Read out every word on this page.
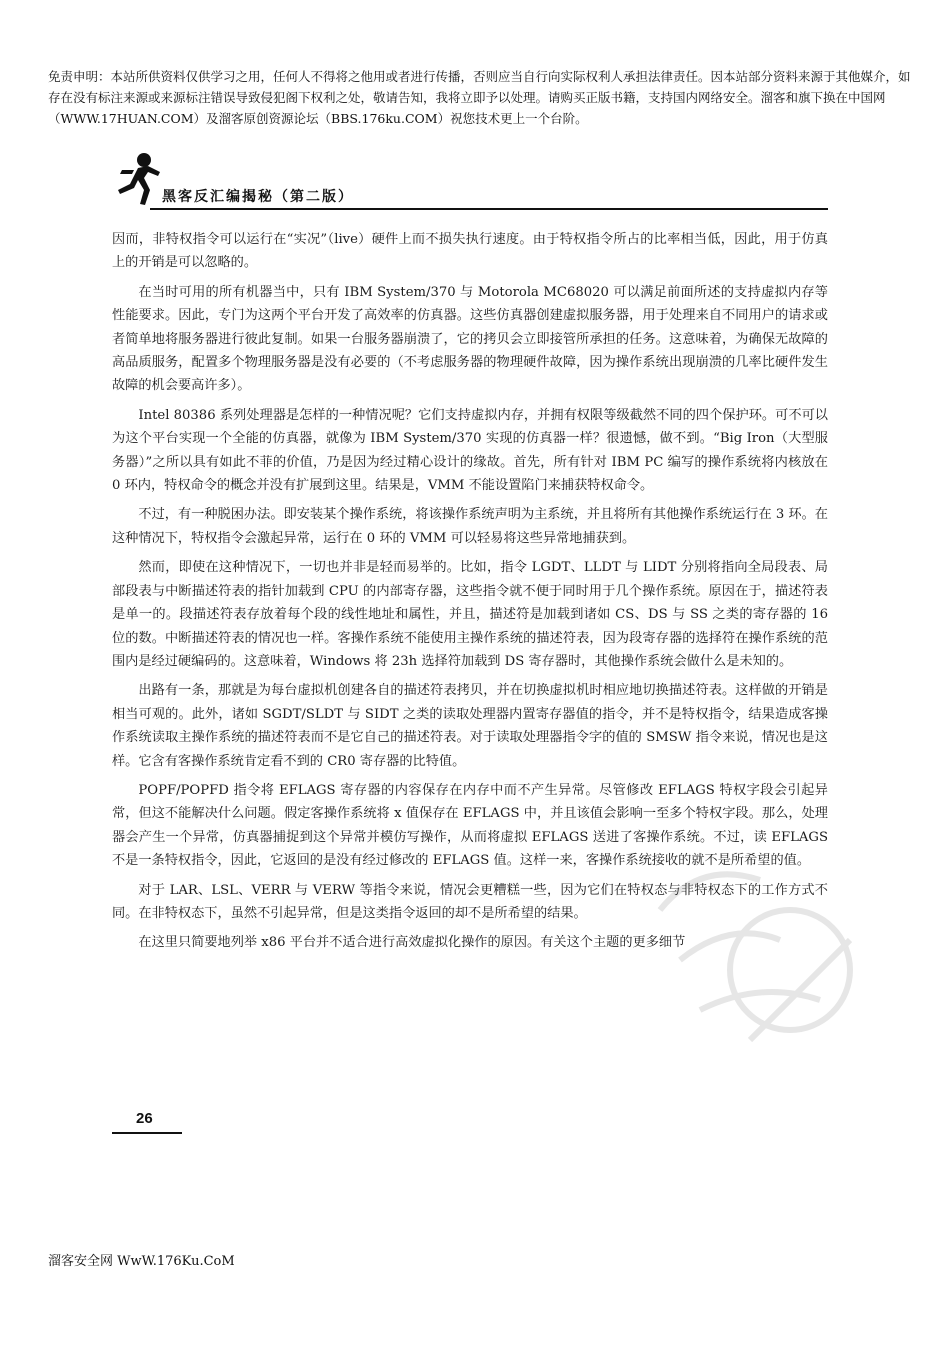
免责申明：本站所供资料仅供学习之用，任何人不得将之他用或者进行传播，否则应当自行向实际权利人承担法律责任。因本站部分资料来源于其他媒介，如存在没有标注来源或来源标注错误导致侵犯阁下权利之处，敬请告知，我将立即予以处理。请购买正版书籍，支持国内网络安全。溜客和旗下换在中国网（WWW.17HUAN.COM）及溜客原创资源论坛（BBS.176ku.COM）祝您技术更上一个台阶。
黑客反汇编揭秘（第二版）

因而，非特权指令可以运行在“实况”（live）硬件上而不损失执行速度。由于特权指令所占的比率相当低，因此，用于仿真上的开销是可以忽略的。

在当时可用的所有机器当中，只有 IBM System/370 与 Motorola MC68020 可以满足前面所述的支持虚拟内存等性能要求。因此，专门为这两个平台开发了高效率的仿真器。这些仿真器创建虚拟服务器，用于处理来自不同用户的请求或者简单地将服务器进行彼此复制。如果一台服务器崩溃了，它的拷贝会立即接管所承担的任务。这意味着，为确保无故障的高品质服务，配置多个物理服务器是没有必要的（不考虑服务器的物理硬件故障，因为操作系统出现崩溃的几率比硬件发生故障的机会要高许多）。

Intel 80386 系列处理器是怎样的一种情况呢？它们支持虚拟内存，并拥有权限等级截然不同的四个保护环。可不可以为这个平台实现一个全能的仿真器，就像为 IBM System/370 实现的仿真器一样？很遗憾，做不到。“Big Iron（大型服务器）”之所以具有如此不菲的价值，乃是因为经过精心设计的缘故。首先，所有针对 IBM PC 编写的操作系统将内核放在 0 环内，特权命令的概念并没有扩展到这里。结果是，VMM 不能设置陷门来捕获特权命令。

不过，有一种脱困办法。即安装某个操作系统，将该操作系统声明为主系统，并且将所有其他操作系统运行在 3 环。在这种情况下，特权指令会激起异常，运行在 0 环的 VMM 可以轻易将这些异常地捕获到。

然而，即使在这种情况下，一切也并非是轻而易举的。比如，指令 LGDT、LLDT 与 LIDT 分别将指向全局段表、局部段表与中断描述符表的指针加载到 CPU 的内部寄存器，这些指令就不便于同时用于几个操作系统。原因在于，描述符表是单一的。段描述符表存放着每个段的线性地址和属性，并且，描述符是加载到诸如 CS、DS 与 SS 之类的寄存器的 16 位的数。中断描述符表的情况也一样。客操作系统不能使用主操作系统的描述符表，因为段寄存器的选择符在操作系统的范围内是经过硬编码的。这意味着，Windows 将 23h 选择符加载到 DS 寄存器时，其他操作系统会做什么是未知的。

出路有一条，那就是为每台虚拟机创建各自的描述符表拷贝，并在切换虚拟机时相应地切换描述符表。这样做的开销是相当可观的。此外，诸如 SGDT/SLDT 与 SIDT 之类的读取处理器内置寄存器值的指令，并不是特权指令，结果造成客操作系统读取主操作系统的描述符表而不是它自己的描述符表。对于读取处理器指令字的值的 SMSW 指令来说，情况也是这样。它含有客操作系统肯定看不到的 CR0 寄存器的比特值。

POPF/POPFD 指令将 EFLAGS 寄存器的内容保存在内存中而不产生异常。尽管修改 EFLAGS 特权字段会引起异常，但这不能解决什么问题。假定客操作系统将 x 值保存在 EFLAGS 中，并且该值会影响一至多个特权字段。那么，处理器会产生一个异常，仿真器捕捉到这个异常并模仿写操作，从而将虚拟 EFLAGS 送进了客操作系统。不过，读 EFLAGS 不是一条特权指令，因此，它返回的是没有经过修改的 EFLAGS 值。这样一来，客操作系统接收的就不是所希望的值。

对于 LAR、LSL、VERR 与 VERW 等指令来说，情况会更糟糕一些，因为它们在特权态与非特权态下的工作方式不同。在非特权态下，虽然不引起异常，但是这类指令返回的却不是所希望的结果。

在这里只简要地列举 x86 平台并不适合进行高效虚拟化操作的原因。有关这个主题的更多细节

26
溜客安全网 WwW.176Ku.CoM
